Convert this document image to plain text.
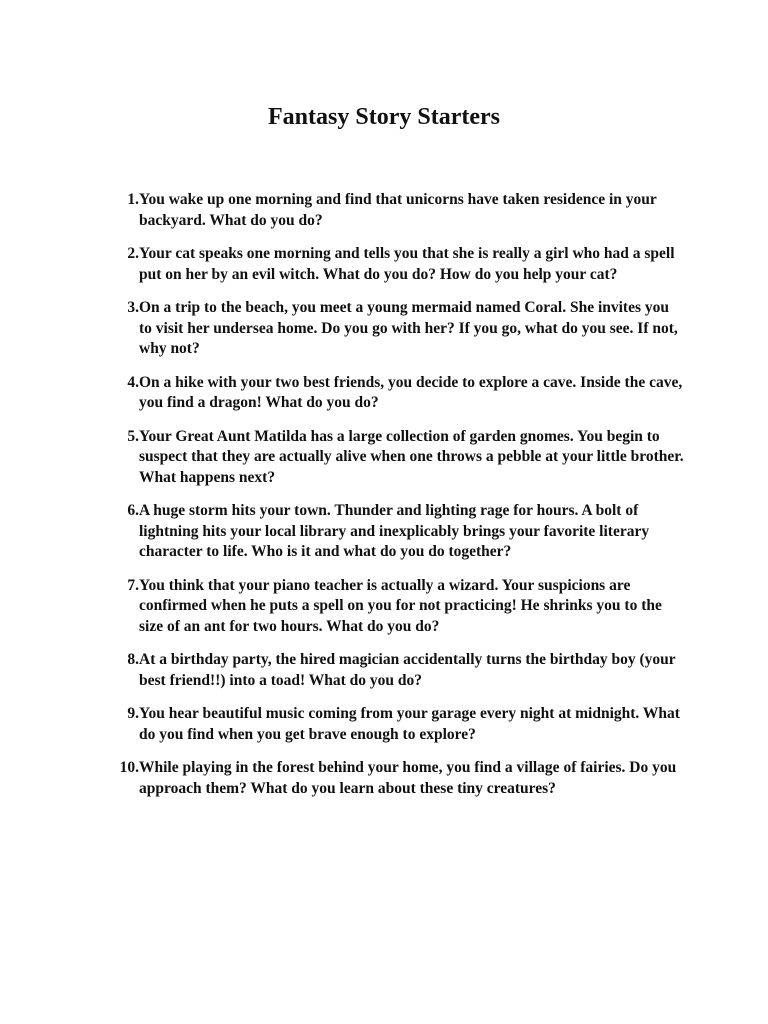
Fantasy Story Starters
1. You wake up one morning and find that unicorns have taken residence in your backyard. What do you do?
2. Your cat speaks one morning and tells you that she is really a girl who had a spell put on her by an evil witch. What do you do? How do you help your cat?
3. On a trip to the beach, you meet a young mermaid named Coral. She invites you to visit her undersea home. Do you go with her? If you go, what do you see. If not, why not?
4. On a hike with your two best friends, you decide to explore a cave. Inside the cave, you find a dragon! What do you do?
5. Your Great Aunt Matilda has a large collection of garden gnomes. You begin to suspect that they are actually alive when one throws a pebble at your little brother. What happens next?
6. A huge storm hits your town. Thunder and lighting rage for hours. A bolt of lightning hits your local library and inexplicably brings your favorite literary character to life. Who is it and what do you do together?
7. You think that your piano teacher is actually a wizard. Your suspicions are confirmed when he puts a spell on you for not practicing! He shrinks you to the size of an ant for two hours. What do you do?
8. At a birthday party, the hired magician accidentally turns the birthday boy (your best friend!!) into a toad! What do you do?
9. You hear beautiful music coming from your garage every night at midnight. What do you find when you get brave enough to explore?
10. While playing in the forest behind your home, you find a village of fairies. Do you approach them? What do you learn about these tiny creatures?
